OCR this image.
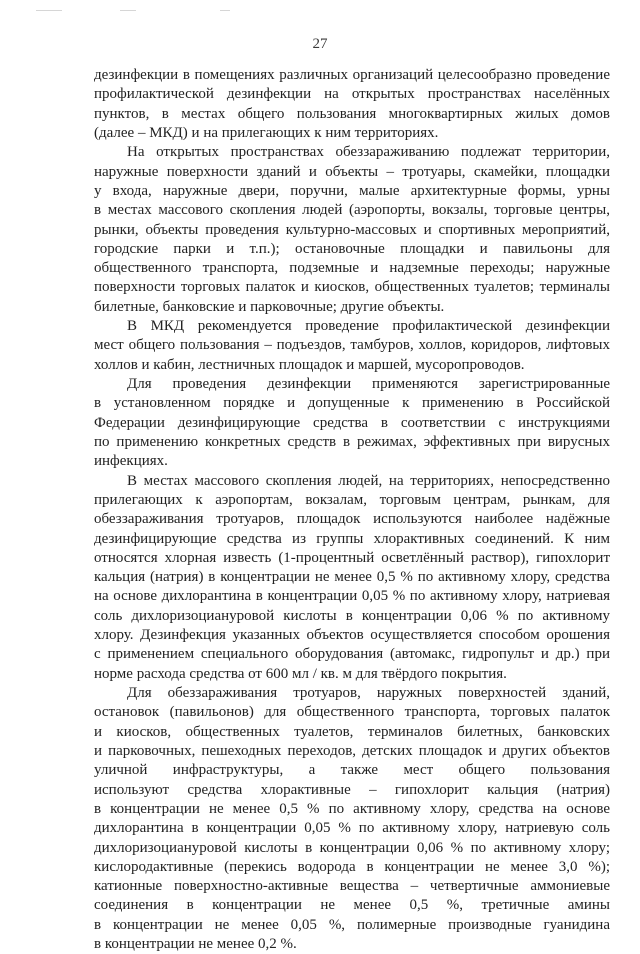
27
дезинфекции в помещениях различных организаций целесообразно проведение
профилактической дезинфекции на открытых пространствах населённых
пунктов, в местах общего пользования многоквартирных жилых домов
(далее – МКД) и на прилегающих к ним территориях.
На открытых пространствах обеззараживанию подлежат территории,
наружные поверхности зданий и объекты – тротуары, скамейки, площадки
у входа, наружные двери, поручни, малые архитектурные формы, урны
в местах массового скопления людей (аэропорты, вокзалы, торговые центры,
рынки, объекты проведения культурно-массовых и спортивных мероприятий,
городские парки и т.п.); остановочные площадки и павильоны для
общественного транспорта, подземные и надземные переходы; наружные
поверхности торговых палаток и киосков, общественных туалетов; терминалы
билетные, банковские и парковочные; другие объекты.
В МКД рекомендуется проведение профилактической дезинфекции
мест общего пользования – подъездов, тамбуров, холлов, коридоров, лифтовых
холлов и кабин, лестничных площадок и маршей, мусоропроводов.
Для проведения дезинфекции применяются зарегистрированные
в установленном порядке и допущенные к применению в Российской
Федерации дезинфицирующие средства в соответствии с инструкциями
по применению конкретных средств в режимах, эффективных при вирусных
инфекциях.
В местах массового скопления людей, на территориях, непосредственно
прилегающих к аэропортам, вокзалам, торговым центрам, рынкам, для
обеззараживания тротуаров, площадок используются наиболее надёжные
дезинфицирующие средства из группы хлорактивных соединений. К ним
относятся хлорная известь (1-процентный осветлённый раствор), гипохлорит
кальция (натрия) в концентрации не менее 0,5 % по активному хлору, средства
на основе дихлорантина в концентрации 0,05 % по активному хлору, натриевая
соль дихлоризоциануровой кислоты в концентрации 0,06 % по активному
хлору. Дезинфекция указанных объектов осуществляется способом орошения
с применением специального оборудования (автомакс, гидропульт и др.) при
норме расхода средства от 600 мл / кв. м для твёрдого покрытия.
Для обеззараживания тротуаров, наружных поверхностей зданий,
остановок (павильонов) для общественного транспорта, торговых палаток
и киосков, общественных туалетов, терминалов билетных, банковских
и парковочных, пешеходных переходов, детских площадок и других объектов
уличной инфраструктуры, а также мест общего пользования
используют средства хлорактивные – гипохлорит кальция (натрия)
в концентрации не менее 0,5 % по активному хлору, средства на основе
дихлорантина в концентрации 0,05 % по активному хлору, натриевую соль
дихлоризоциануровой кислоты в концентрации 0,06 % по активному хлору;
кислородактивные (перекись водорода в концентрации не менее 3,0 %);
катионные поверхностно-активные вещества – четвертичные аммониевые
соединения в концентрации не менее 0,5 %, третичные амины
в концентрации не менее 0,05 %, полимерные производные гуанидина
в концентрации не менее 0,2 %.
